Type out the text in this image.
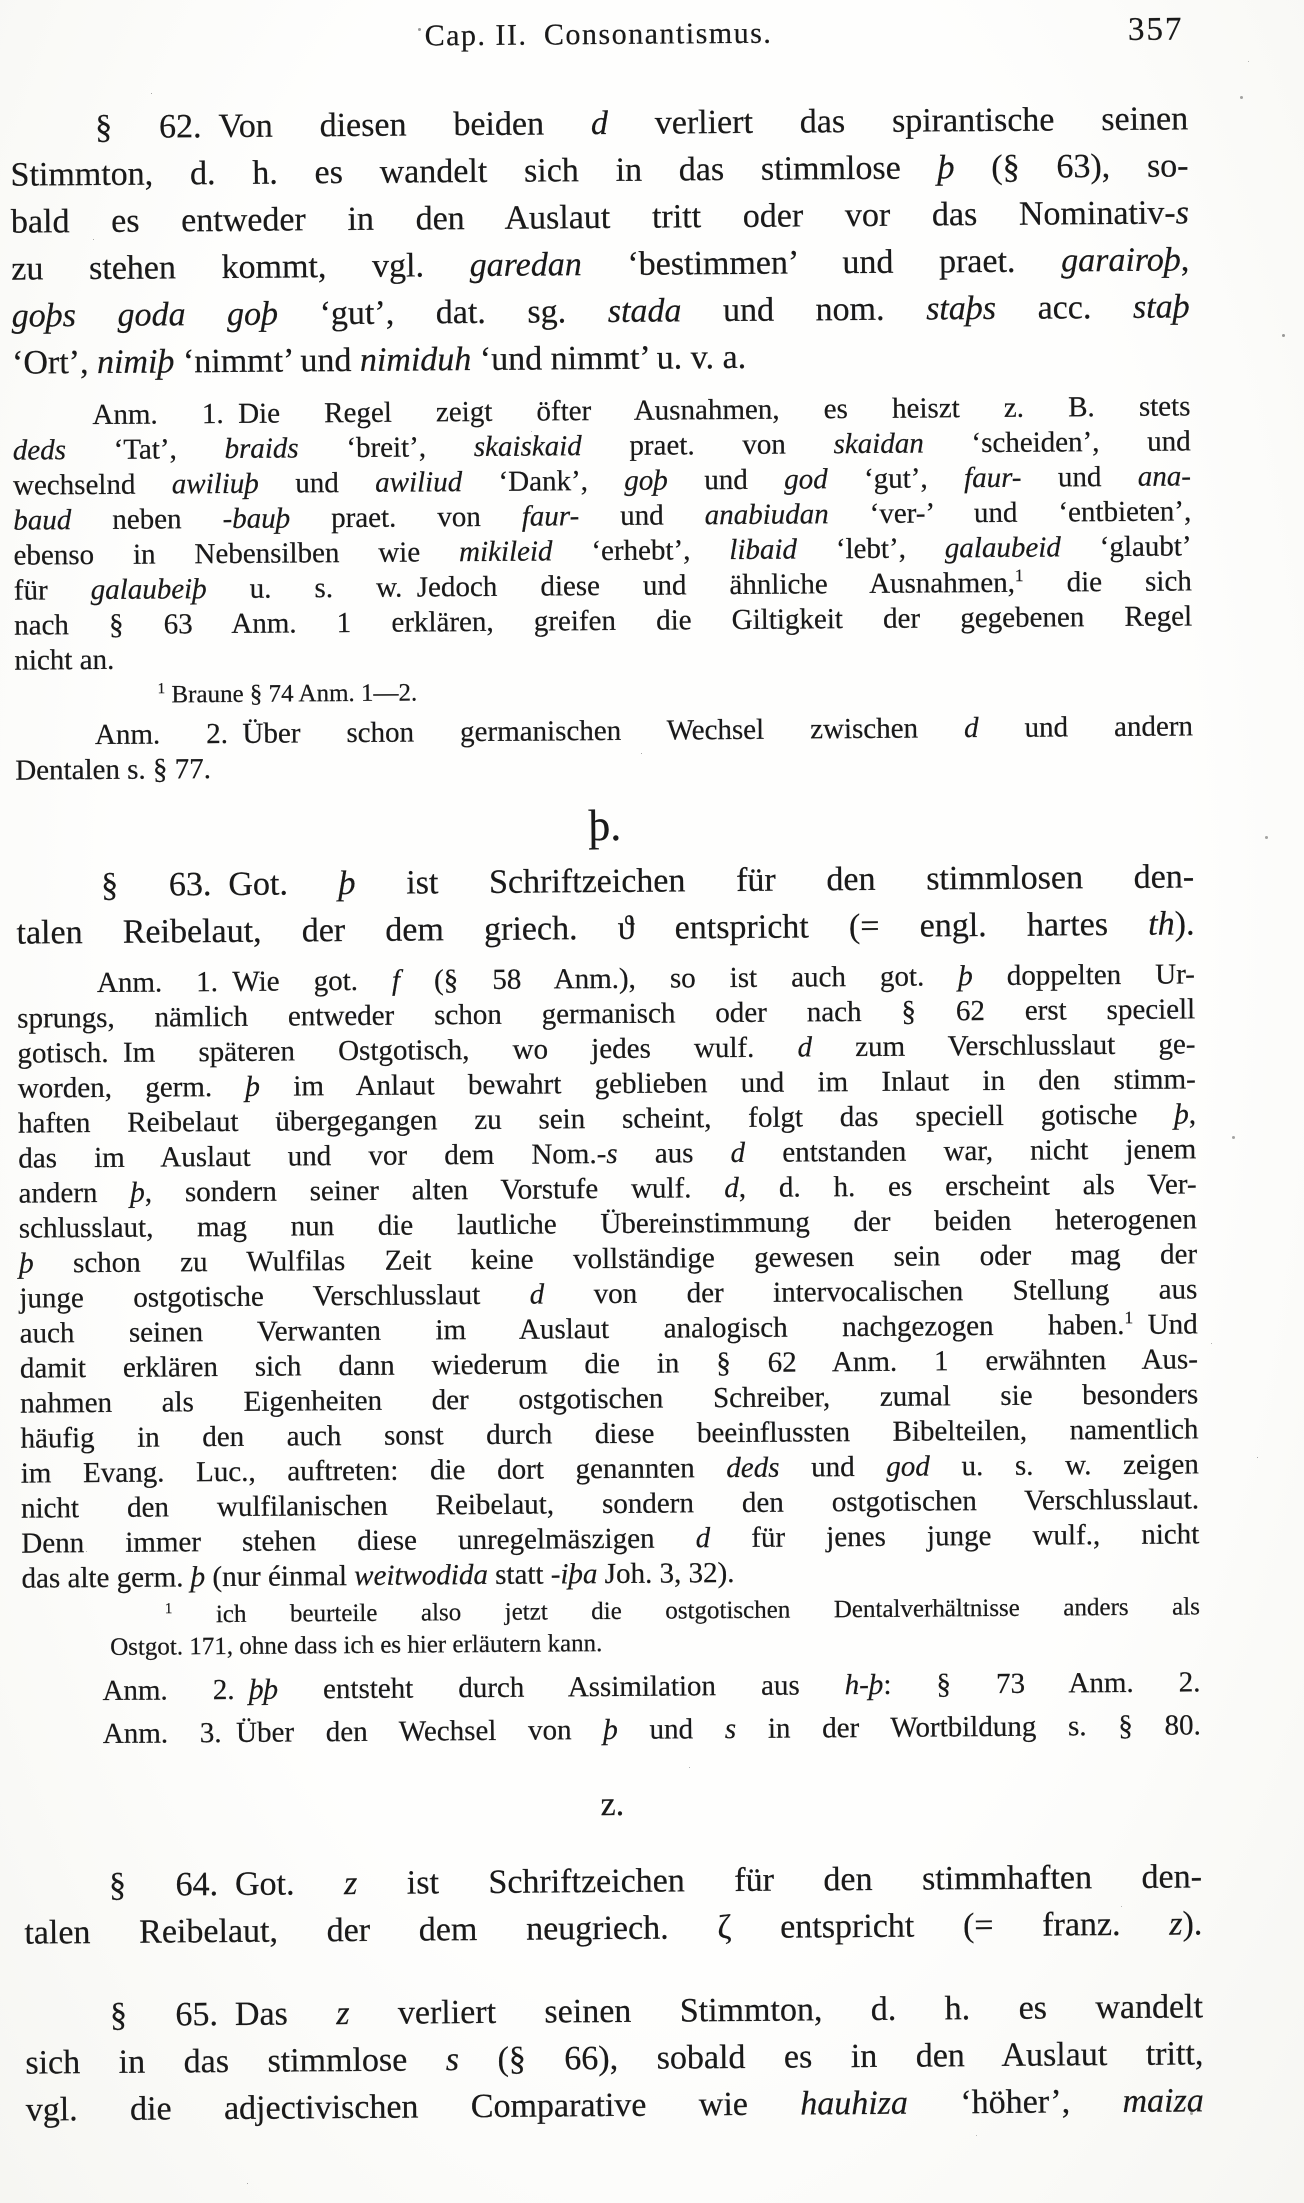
Cap. II. Consonantismus.	357
§ 62. Von diesen beiden d verliert das spirantische seinen
Stimmton, d. h. es wandelt sich in das stimmlose þ (§ 63), so-
bald es entweder in den Auslaut tritt oder vor das Nominativ-s
zu stehen kommt, vgl. garedan ‘bestimmen’ und praet. garairoþ,
goþs goda goþ ‘gut’, dat. sg. stada und nom. staþs acc. staþ
‘Ort’, nimiþ ‘nimmt’ und nimiduh ‘und nimmt’ u. v. a.
Anm. 1. Die Regel zeigt öfter Ausnahmen, es heiszt z. B. stets
deds ‘Tat’, braids ‘breit’, skaiskaid praet. von skaidan ‘scheiden’, und
wechselnd awiliuþ und awiliud ‘Dank’, goþ und god ‘gut’, faur- und ana-
baud neben -bauþ praet. von faur- und anabiudan ‘ver-’ und ‘entbieten’,
ebenso in Nebensilben wie mikileid ‘erhebt’, libaid ‘lebt’, galaubeid ‘glaubt’
für galaubeiþ u. s. w. Jedoch diese und ähnliche Ausnahmen,$^1$ die sich
nach § 63 Anm. 1 erklären, greifen die Giltigkeit der gegebenen Regel
nicht an.
$^1$ Braune § 74 Anm. 1—2.
Anm. 2. Über schon germanischen Wechsel zwischen d und andern
Dentalen s. § 77.
þ.
§ 63. Got. þ ist Schriftzeichen für den stimmlosen den-
talen Reibelaut, der dem griech. ϑ entspricht (= engl. hartes th).
Anm. 1. Wie got. f (§ 58 Anm.), so ist auch got. þ doppelten Ur-
sprungs, nämlich entweder schon germanisch oder nach § 62 erst speciell
gotisch. Im späteren Ostgotisch, wo jedes wulf. d zum Verschlusslaut ge-
worden, germ. þ im Anlaut bewahrt geblieben und im Inlaut in den stimm-
haften Reibelaut übergegangen zu sein scheint, folgt das speciell gotische þ,
das im Auslaut und vor dem Nom.-s aus d entstanden war, nicht jenem
andern þ, sondern seiner alten Vorstufe wulf. d, d. h. es erscheint als Ver-
schlusslaut, mag nun die lautliche Übereinstimmung der beiden heterogenen
þ schon zu Wulfilas Zeit keine vollständige gewesen sein oder mag der
junge ostgotische Verschlusslaut d von der intervocalischen Stellung aus
auch seinen Verwanten im Auslaut analogisch nachgezogen haben.$^1$ Und
damit erklären sich dann wiederum die in § 62 Anm. 1 erwähnten Aus-
nahmen als Eigenheiten der ostgotischen Schreiber, zumal sie besonders
häufig in den auch sonst durch diese beeinflussten Bibelteilen, namentlich
im Evang. Luc., auftreten: die dort genannten deds und god u. s. w. zeigen
nicht den wulfilanischen Reibelaut, sondern den ostgotischen Verschlusslaut.
Denn immer stehen diese unregelmäszigen d für jenes junge wulf., nicht
das alte germ. þ (nur éinmal weitwodida statt -iþa Joh. 3, 32).
$^1$ ich beurteile also jetzt die ostgotischen Dentalverhältnisse anders als
Ostgot. 171, ohne dass ich es hier erläutern kann.
Anm. 2. þþ entsteht durch Assimilation aus h-þ: § 73 Anm. 2.
Anm. 3. Über den Wechsel von þ und s in der Wortbildung s. § 80.
z.
§ 64. Got. z ist Schriftzeichen für den stimmhaften den-
talen Reibelaut, der dem neugriech. ζ entspricht (= franz. z).
§ 65. Das z verliert seinen Stimmton, d. h. es wandelt
sich in das stimmlose s (§ 66), sobald es in den Auslaut tritt,
vgl. die adjectivischen Comparative wie hauhiza ‘höher’, maiza
